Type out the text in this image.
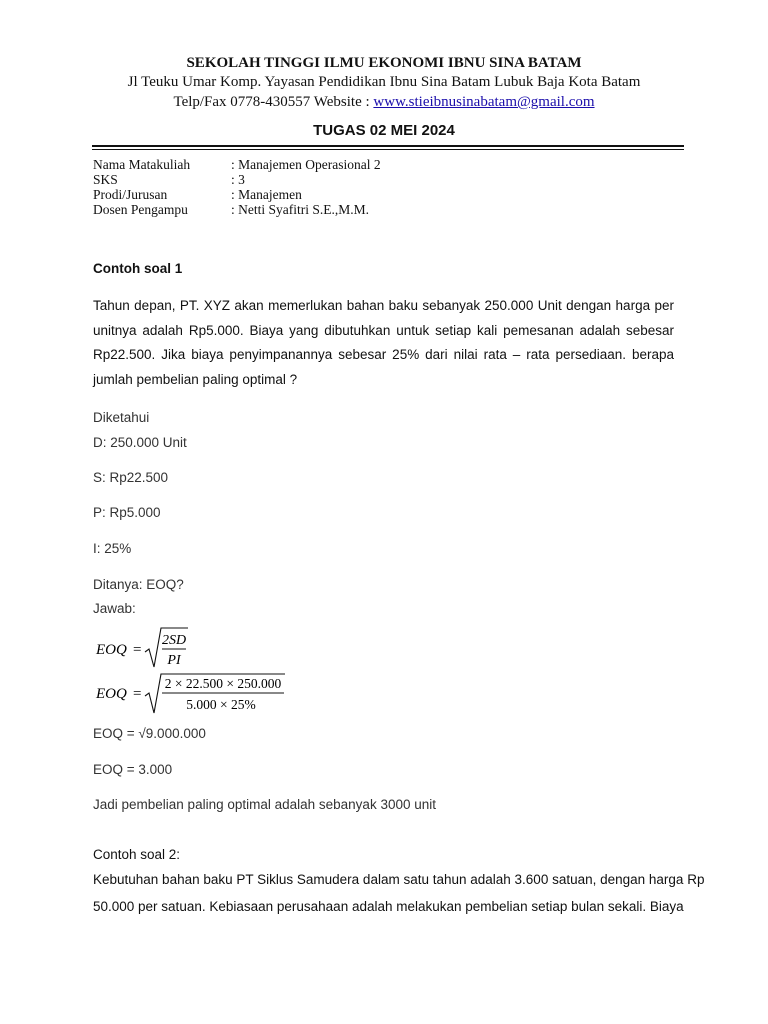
SEKOLAH TINGGI ILMU EKONOMI IBNU SINA BATAM
Jl Teuku Umar Komp. Yayasan Pendidikan Ibnu Sina Batam Lubuk Baja Kota Batam
Telp/Fax 0778-430557 Website : www.stieibnusinabatam@gmail.com
TUGAS 02 MEI 2024
Nama Matakuliah	: Manajemen Operasional 2
SKS	: 3
Prodi/Jurusan	: Manajemen
Dosen Pengampu	: Netti Syafitri S.E.,M.M.
Contoh soal 1
Tahun depan, PT. XYZ akan memerlukan bahan baku sebanyak 250.000 Unit dengan harga per unitnya adalah Rp5.000. Biaya yang dibutuhkan untuk setiap kali pemesanan adalah sebesar Rp22.500. Jika biaya penyimpanannya sebesar 25% dari nilai rata – rata persediaan. berapa jumlah pembelian paling optimal ?
Diketahui
D: 250.000 Unit
S: Rp22.500
P: Rp5.000
I: 25%
Ditanya: EOQ?
Jawab:
EOQ =
2SD
PI
EOQ =
2 × 22.500 × 250.000
5.000 × 25%
EOQ = √9.000.000
EOQ = 3.000
Jadi pembelian paling optimal adalah sebanyak 3000 unit
Contoh soal 2:
Kebutuhan bahan baku PT Siklus Samudera dalam satu tahun adalah 3.600 satuan, dengan harga Rp
50.000 per satuan. Kebiasaan perusahaan adalah melakukan pembelian setiap bulan sekali. Biaya
